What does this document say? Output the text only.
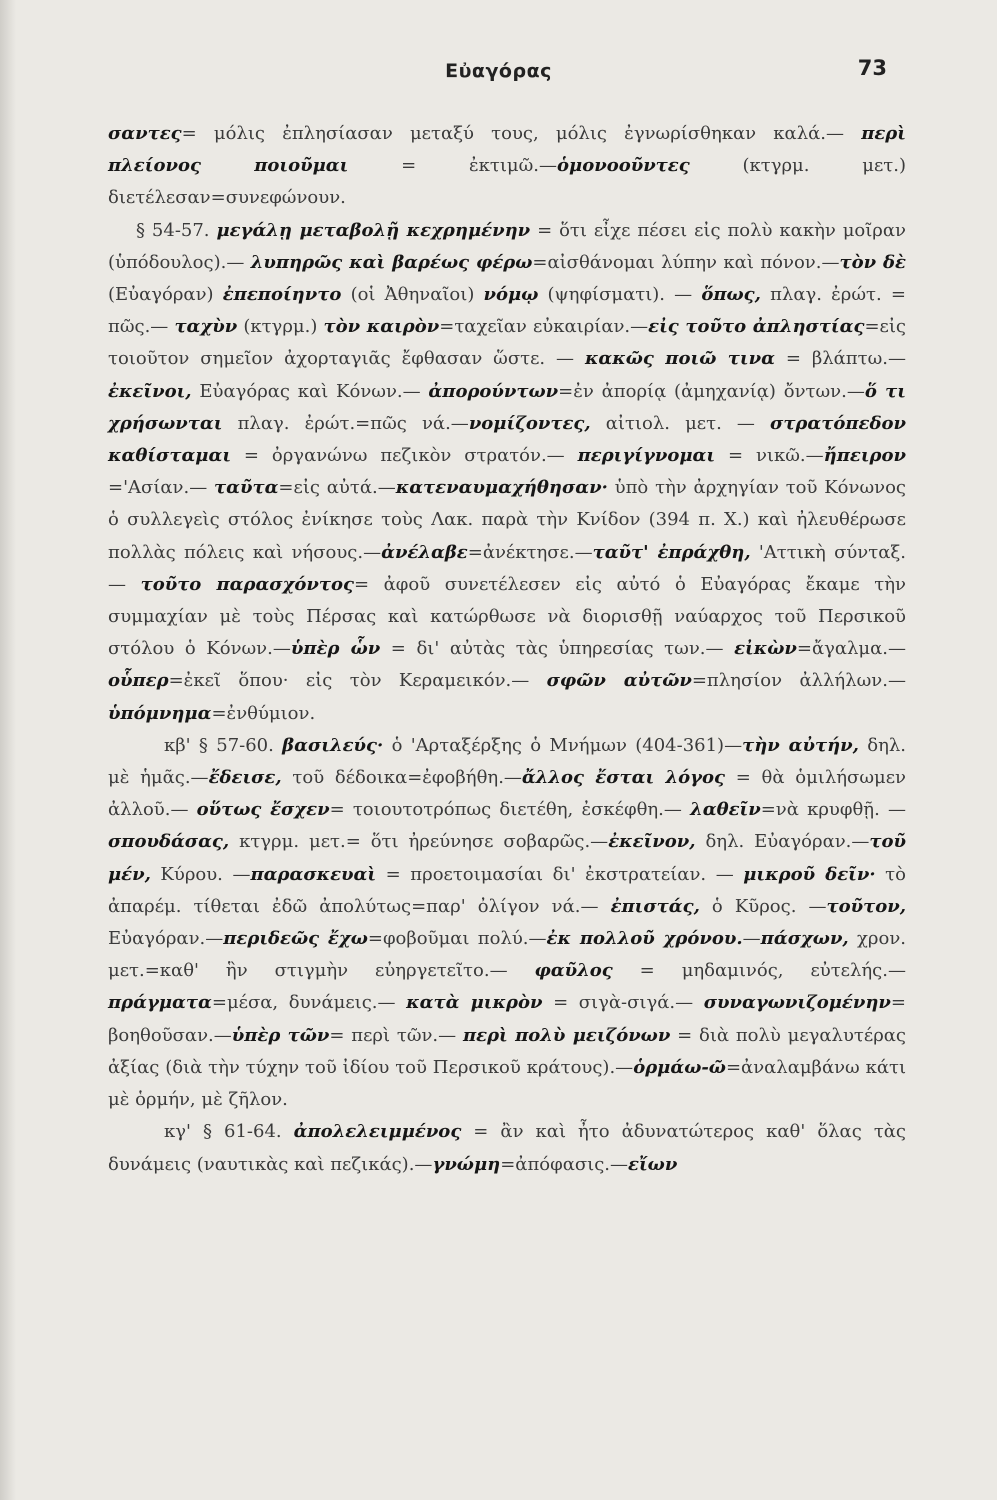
Εὐαγόρας	73

σαντες= μόλις ἐπλησίασαν μεταξύ τους, μόλις ἐγνωρίσθηκαν καλά.— περὶ πλείονος ποιοῦμαι = ἐκτιμῶ.—ὁμονοοῦντες (κτγρμ. μετ.) διετέλεσαν=συνεφώνουν.

§ 54-57. μεγάλῃ μεταβολῇ κεχρημένην = ὅτι εἶχε πέσει εἰς πολὺ κακὴν μοῖραν (ὑπόδουλος).— λυπηρῶς καὶ βαρέως φέρω=αἰσθάνομαι λύπην καὶ πόνον.—τὸν δὲ (Εὐαγόραν) ἐπεποίηντο (οἱ Ἀθηναῖοι) νόμῳ (ψηφίσματι). — ὅπως, πλαγ. ἐρώτ. = πῶς.— ταχὺν (κτγρμ.) τὸν καιρὸν=ταχεῖαν εὐκαιρίαν.—εἰς τοῦτο ἀπληστίας=εἰς τοιοῦτον σημεῖον ἀχορταγιᾶς ἔφθασαν ὥστε. — κακῶς ποιῶ τινα = βλάπτω.—ἐκεῖνοι, Εὐαγόρας καὶ Κόνων.— ἀπορούντων=ἐν ἀπορίᾳ (ἀμηχανίᾳ) ὄντων.—ὅ τι χρήσωνται πλαγ. ἐρώτ.=πῶς νά.—νομίζοντες, αἰτιολ. μετ. — στρατόπεδον καθίσταμαι = ὀργανώνω πεζικὸν στρατόν.— περιγίγνομαι = νικῶ.—ἤπειρον ='Ασίαν.— ταῦτα=εἰς αὐτά.—κατεναυμαχήθησαν· ὑπὸ τὴν ἀρχηγίαν τοῦ Κόνωνος ὁ συλλεγεὶς στόλος ἐνίκησε τοὺς Λακ. παρὰ τὴν Κνίδον (394 π. Χ.) καὶ ἠλευθέρωσε πολλὰς πόλεις καὶ νήσους.—ἀνέλαβε=ἀνέκτησε.—ταῦτ' ἐπράχθη, 'Αττικὴ σύνταξ. — τοῦτο παρασχόντος= ἀφοῦ συνετέλεσεν εἰς αὐτό ὁ Εὐαγόρας ἔκαμε τὴν συμμαχίαν μὲ τοὺς Πέρσας καὶ κατώρθωσε νὰ διορισθῇ ναύαρχος τοῦ Περσικοῦ στόλου ὁ Κόνων.—ὑπὲρ ὧν = δι' αὐτὰς τὰς ὑπηρεσίας των.— εἰκὼν=ἄγαλμα.—οὗπερ=ἐκεῖ ὅπου· εἰς τὸν Κεραμεικόν.— σφῶν αὐτῶν=πλησίον ἀλλήλων.— ὑπόμνημα=ἐνθύμιον.

κβ' § 57-60. βασιλεύς· ὁ 'Αρταξέρξης ὁ Μνήμων (404-361)—τὴν αὐτήν, δηλ. μὲ ἡμᾶς.—ἔδεισε, τοῦ δέδοικα=ἐφοβήθη.—ἄλλος ἔσται λόγος = θὰ ὁμιλήσωμεν ἀλλοῦ.— οὕτως ἔσχεν= τοιουτοτρόπως διετέθη, ἐσκέφθη.— λαθεῖν=νὰ κρυφθῇ. — σπουδάσας, κτγρμ. μετ.= ὅτι ἠρεύνησε σοβαρῶς.—ἐκεῖνον, δηλ. Εὐαγόραν.—τοῦ μέν, Κύρου. —παρασκευαὶ = προετοιμασίαι δι' ἐκστρατείαν. — μικροῦ δεῖν· τὸ ἀπαρέμ. τίθεται ἐδῶ ἀπολύτως=παρ' ὀλίγον νά.— ἐπιστάς, ὁ Κῦρος. —τοῦτον, Εὐαγόραν.—περιδεῶς ἔχω=φοβοῦμαι πολύ.—ἐκ πολλοῦ χρόνου.—πάσχων, χρον. μετ.=καθ' ἣν στιγμὴν εὐηργετεῖτο.— φαῦλος = μηδαμινός, εὐτελής.— πράγματα=μέσα, δυνάμεις.— κατὰ μικρὸν = σιγὰ-σιγά.— συναγωνιζομένην= βοηθοῦσαν.—ὑπὲρ τῶν= περὶ τῶν.— περὶ πολὺ μειζόνων = διὰ πολὺ μεγαλυτέρας ἀξίας (διὰ τὴν τύχην τοῦ ἰδίου τοῦ Περσικοῦ κράτους).—ὁρμάω-ῶ=ἀναλαμβάνω κάτι μὲ ὁρμήν, μὲ ζῆλον.

κγ' § 61-64. ἀπολελειμμένος = ἂν καὶ ἦτο ἀδυνατώτερος καθ' ὅλας τὰς δυνάμεις (ναυτικὰς καὶ πεζικάς).—γνώμη=ἀπόφασις.—εἴων
